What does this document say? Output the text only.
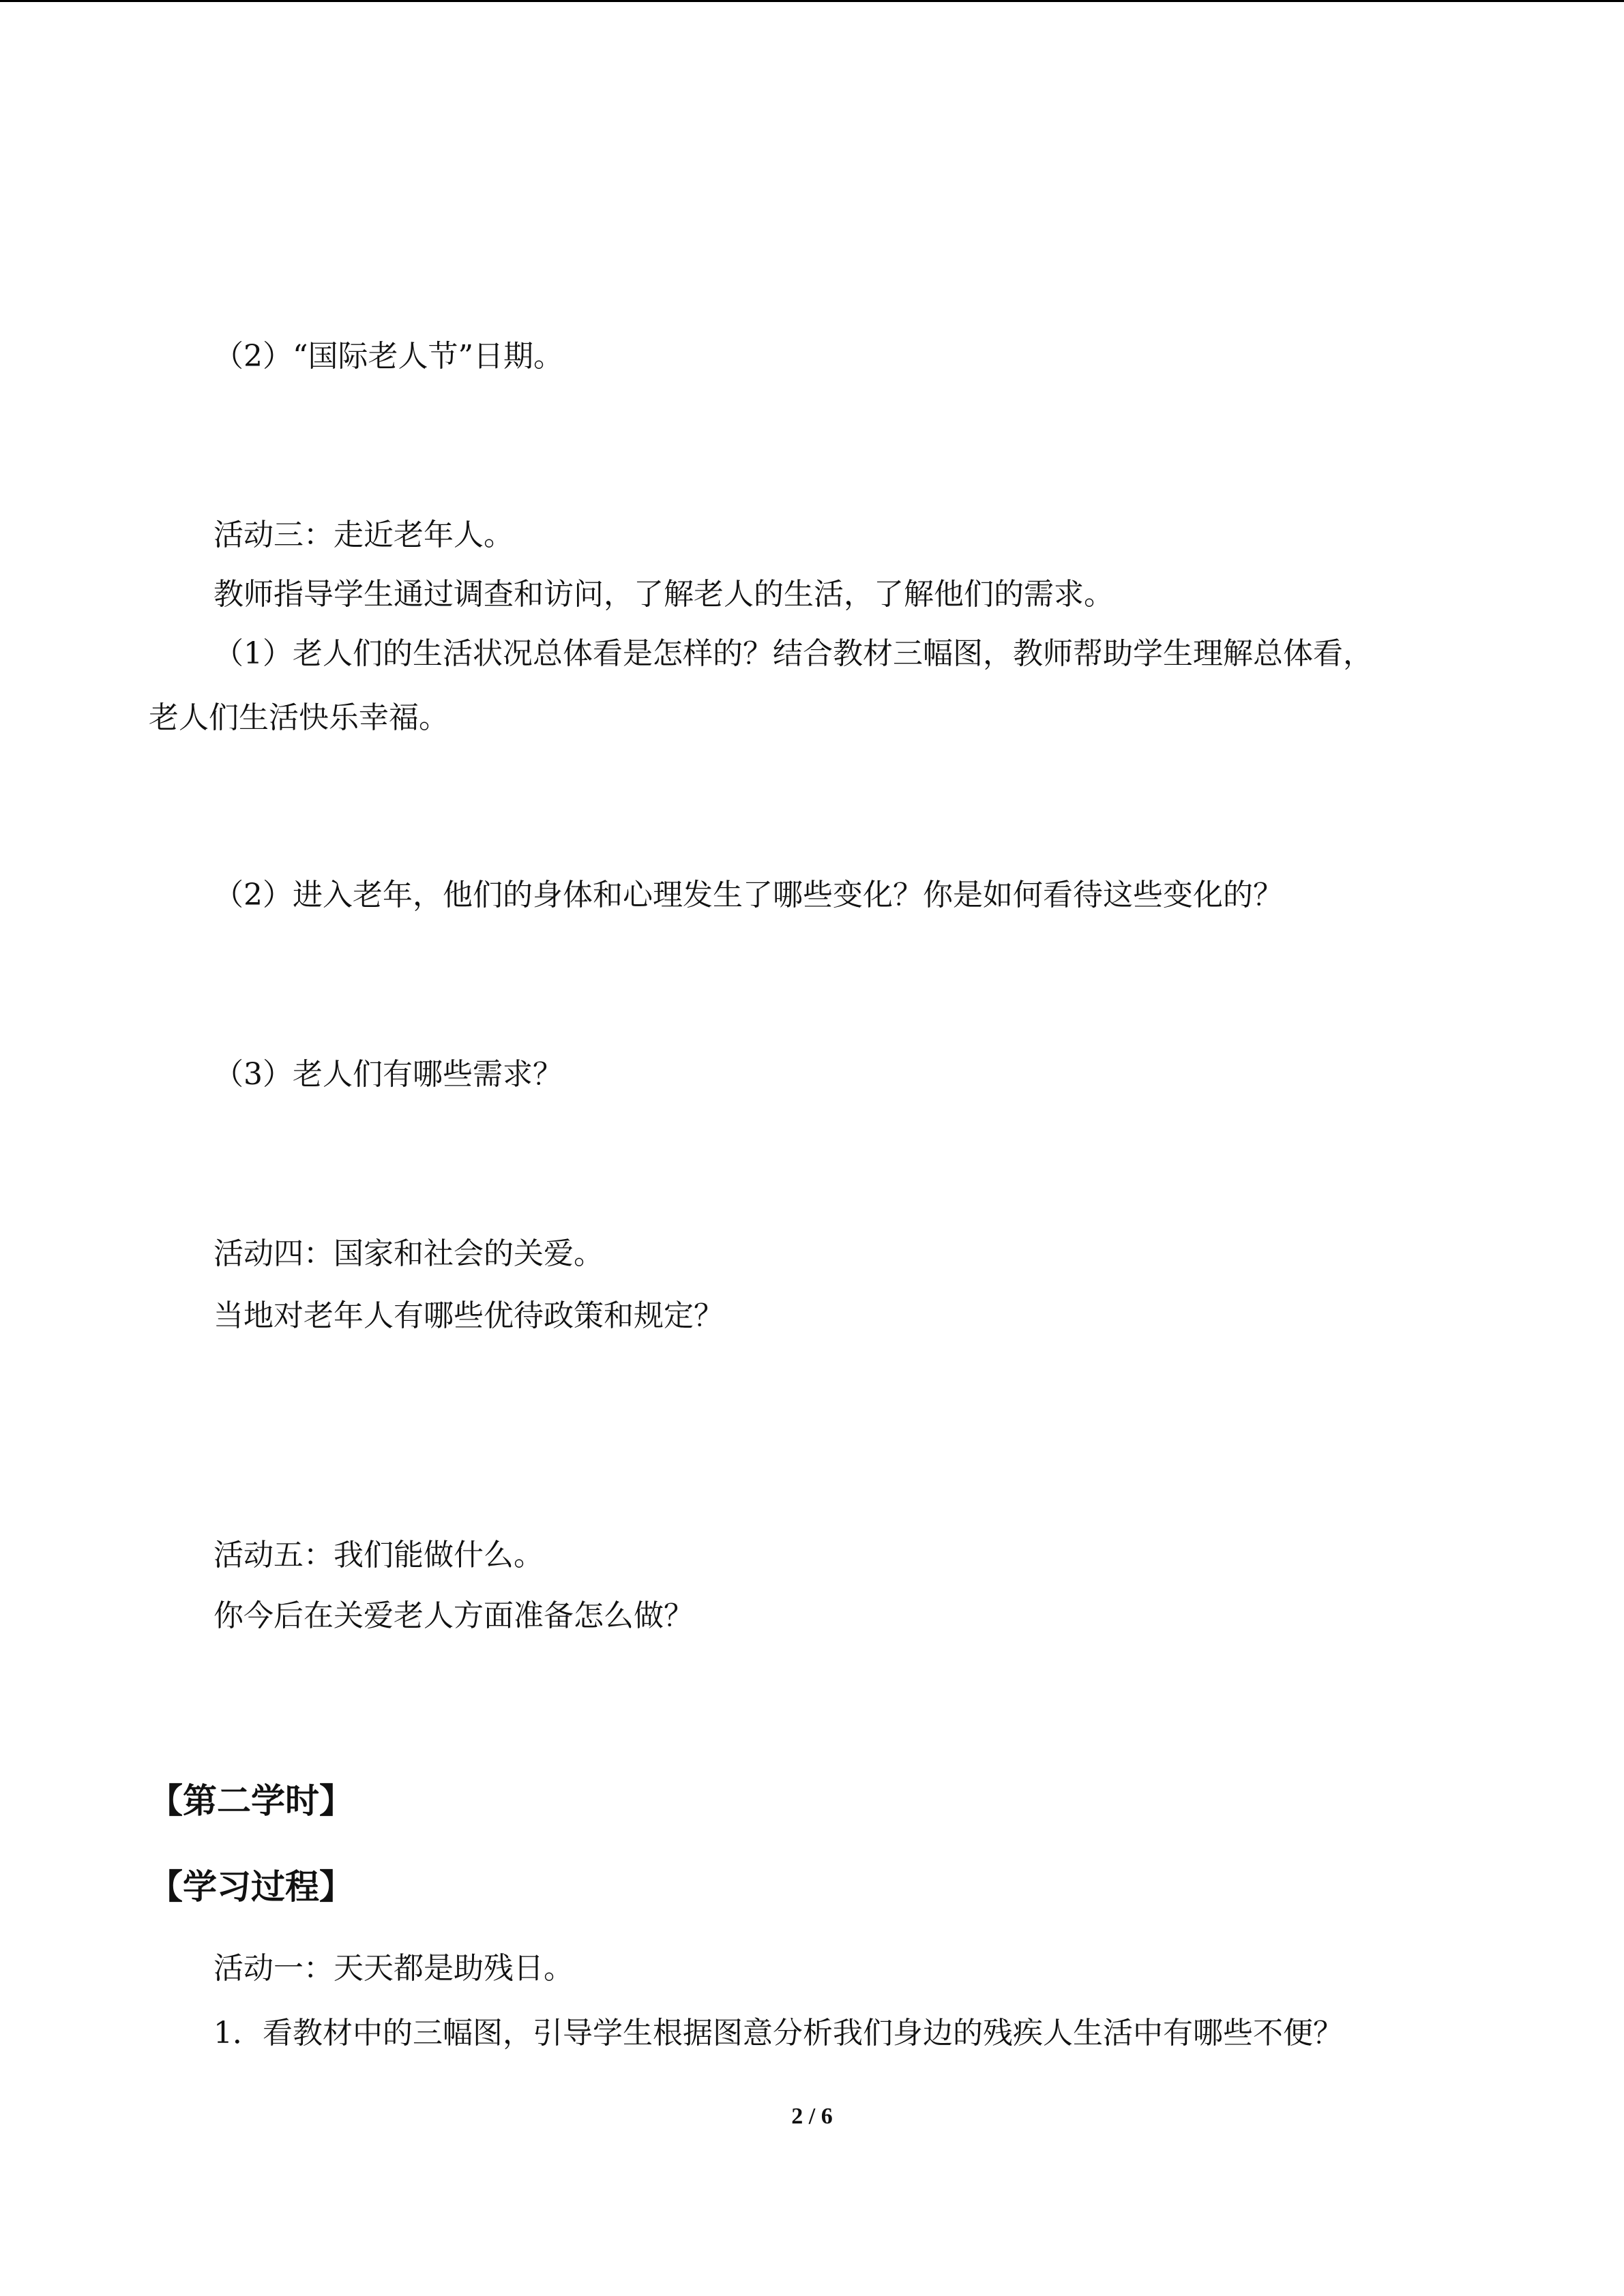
（2）“国际老人节”日期。
活动三：走近老年人。
教师指导学生通过调查和访问，了解老人的生活，了解他们的需求。
（1）老人们的生活状况总体看是怎样的？结合教材三幅图，教师帮助学生理解总体看，
老人们生活快乐幸福。
（2）进入老年，他们的身体和心理发生了哪些变化？你是如何看待这些变化的？
（3）老人们有哪些需求？
活动四：国家和社会的关爱。
当地对老年人有哪些优待政策和规定？
活动五：我们能做什么。
你今后在关爱老人方面准备怎么做？
【第二学时】
【学习过程】
活动一：天天都是助残日。
1．看教材中的三幅图，引导学生根据图意分析我们身边的残疾人生活中有哪些不便？
2 / 6
